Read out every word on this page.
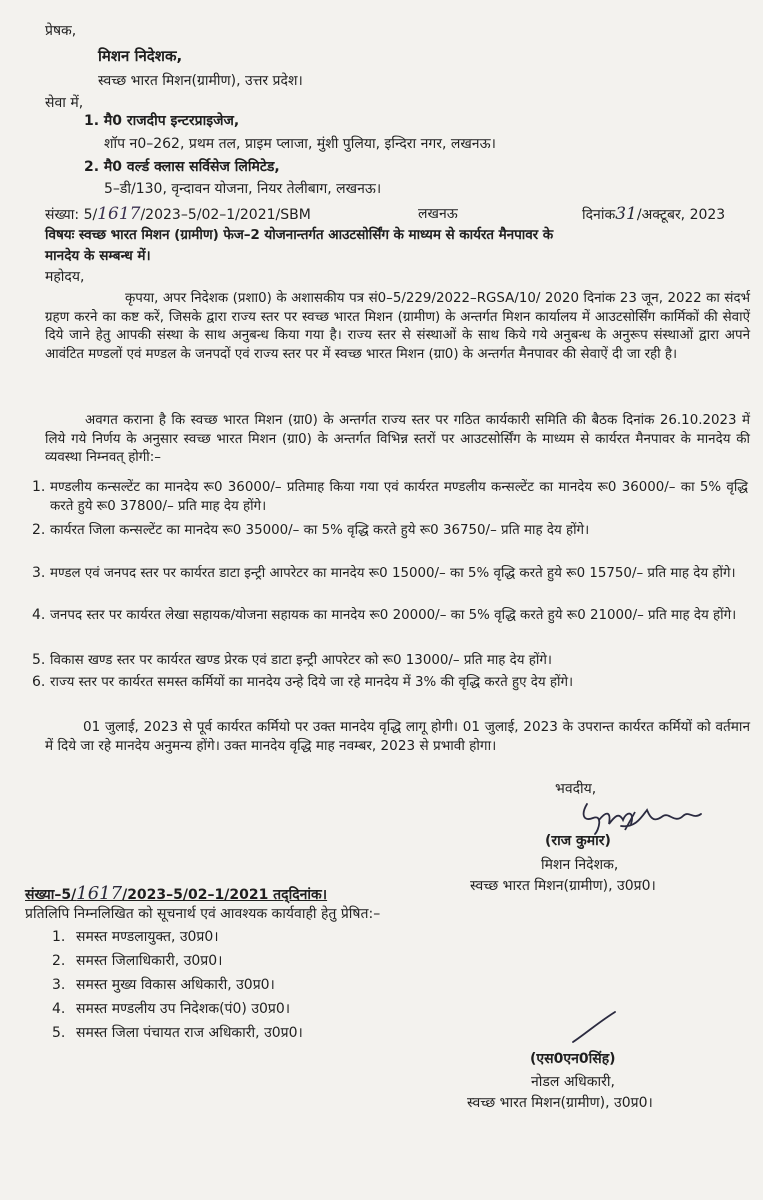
प्रेषक,
मिशन निदेशक,
स्वच्छ भारत मिशन(ग्रामीण), उत्तर प्रदेश।
सेवा में,
1. मै0 राजदीप इन्टरप्राइजेज,
शॉप न0–262, प्रथम तल, प्राइम प्लाजा, मुंशी पुलिया, इन्दिरा नगर, लखनऊ।
2. मै0 वर्ल्ड क्लास सर्विसेज लिमिटेड,
5–डी/130, वृन्दावन योजना, नियर तेलीबाग, लखनऊ।
संख्या: 5/1617/2023–5/02–1/2021/SBM	लखनऊ	दिनांक31/अक्टूबर, 2023
विषयः स्वच्छ भारत मिशन (ग्रामीण) फेज–2 योजनान्तर्गत आउटसोर्सिंग के माध्यम से कार्यरत मैनपावर के
मानदेय के सम्बन्ध में।
महोदय,
कृपया, अपर निदेशक (प्रशा0) के अशासकीय पत्र सं0–5/229/2022–RGSA/10/ 2020 दिनांक 23 जून, 2022 का संदर्भ ग्रहण करने का कष्ट करें, जिसके द्वारा राज्य स्तर पर स्वच्छ भारत मिशन (ग्रामीण) के अन्तर्गत मिशन कार्यालय में आउटसोर्सिंग कार्मिकों की सेवाऐं दिये जाने हेतु आपकी संस्था के साथ अनुबन्ध किया गया है। राज्य स्तर से संस्थाओं के साथ किये गये अनुबन्ध के अनुरूप संस्थाओं द्वारा अपने आवंटित मण्डलों एवं मण्डल के जनपदों एवं राज्य स्तर पर में स्वच्छ भारत मिशन (ग्रा0) के अन्तर्गत मैनपावर की सेवाऐं दी जा रही है।
अवगत कराना है कि स्वच्छ भारत मिशन (ग्रा0) के अन्तर्गत राज्य स्तर पर गठित कार्यकारी समिति की बैठक दिनांक 26.10.2023 में लिये गये निर्णय के अनुसार स्वच्छ भारत मिशन (ग्रा0) के अन्तर्गत विभिन्न स्तरों पर आउटसोर्सिंग के माध्यम से कार्यरत मैनपावर के मानदेय की व्यवस्था निम्नवत् होगी:–
1. मण्डलीय कन्सल्टेंट का मानदेय रू0 36000/– प्रतिमाह किया गया एवं कार्यरत मण्डलीय कन्सल्टेंट का मानदेय रू0 36000/– का 5% वृद्धि करते हुये रू0 37800/– प्रति माह देय होंगे।
2. कार्यरत जिला कन्सल्टेंट का मानदेय रू0 35000/– का 5% वृद्धि करते हुये रू0 36750/– प्रति माह देय होंगे।
3. मण्डल एवं जनपद स्तर पर कार्यरत डाटा इन्ट्री आपरेटर का मानदेय रू0 15000/– का 5% वृद्धि करते हुये रू0 15750/– प्रति माह देय होंगे।
4. जनपद स्तर पर कार्यरत लेखा सहायक/योजना सहायक का मानदेय रू0 20000/– का 5% वृद्धि करते हुये रू0 21000/– प्रति माह देय होंगे।
5. विकास खण्ड स्तर पर कार्यरत खण्ड प्रेरक एवं डाटा इन्ट्री आपरेटर को रू0 13000/– प्रति माह देय होंगे।
6. राज्य स्तर पर कार्यरत समस्त कर्मियों का मानदेय उन्हे दिये जा रहे मानदेय में 3% की वृद्धि करते हुए देय होंगे।
01 जुलाई, 2023 से पूर्व कार्यरत कर्मियो पर उक्त मानदेय वृद्धि लागू होगी। 01 जुलाई, 2023 के उपरान्त कार्यरत कर्मियों को वर्तमान में दिये जा रहे मानदेय अनुमन्य होंगे। उक्त मानदेय वृद्धि माह नवम्बर, 2023 से प्रभावी होगा।
भवदीय,
(राज कुमार)
मिशन निदेशक,
स्वच्छ भारत मिशन(ग्रामीण), उ0प्र0।
संख्या–5/1617/2023–5/02–1/2021 तद्‌दिनांक।
प्रतिलिपि निम्नलिखित को सूचनार्थ एवं आवश्यक कार्यवाही हेतु प्रेषित:–
1. समस्त मण्डलायुक्त, उ0प्र0।
2. समस्त जिलाधिकारी, उ0प्र0।
3. समस्त मुख्य विकास अधिकारी, उ0प्र0।
4. समस्त मण्डलीय उप निदेशक(पं0) उ0प्र0।
5. समस्त जिला पंचायत राज अधिकारी, उ0प्र0।
(एस0एन0सिंह)
नोडल अधिकारी,
स्वच्छ भारत मिशन(ग्रामीण), उ0प्र0।
